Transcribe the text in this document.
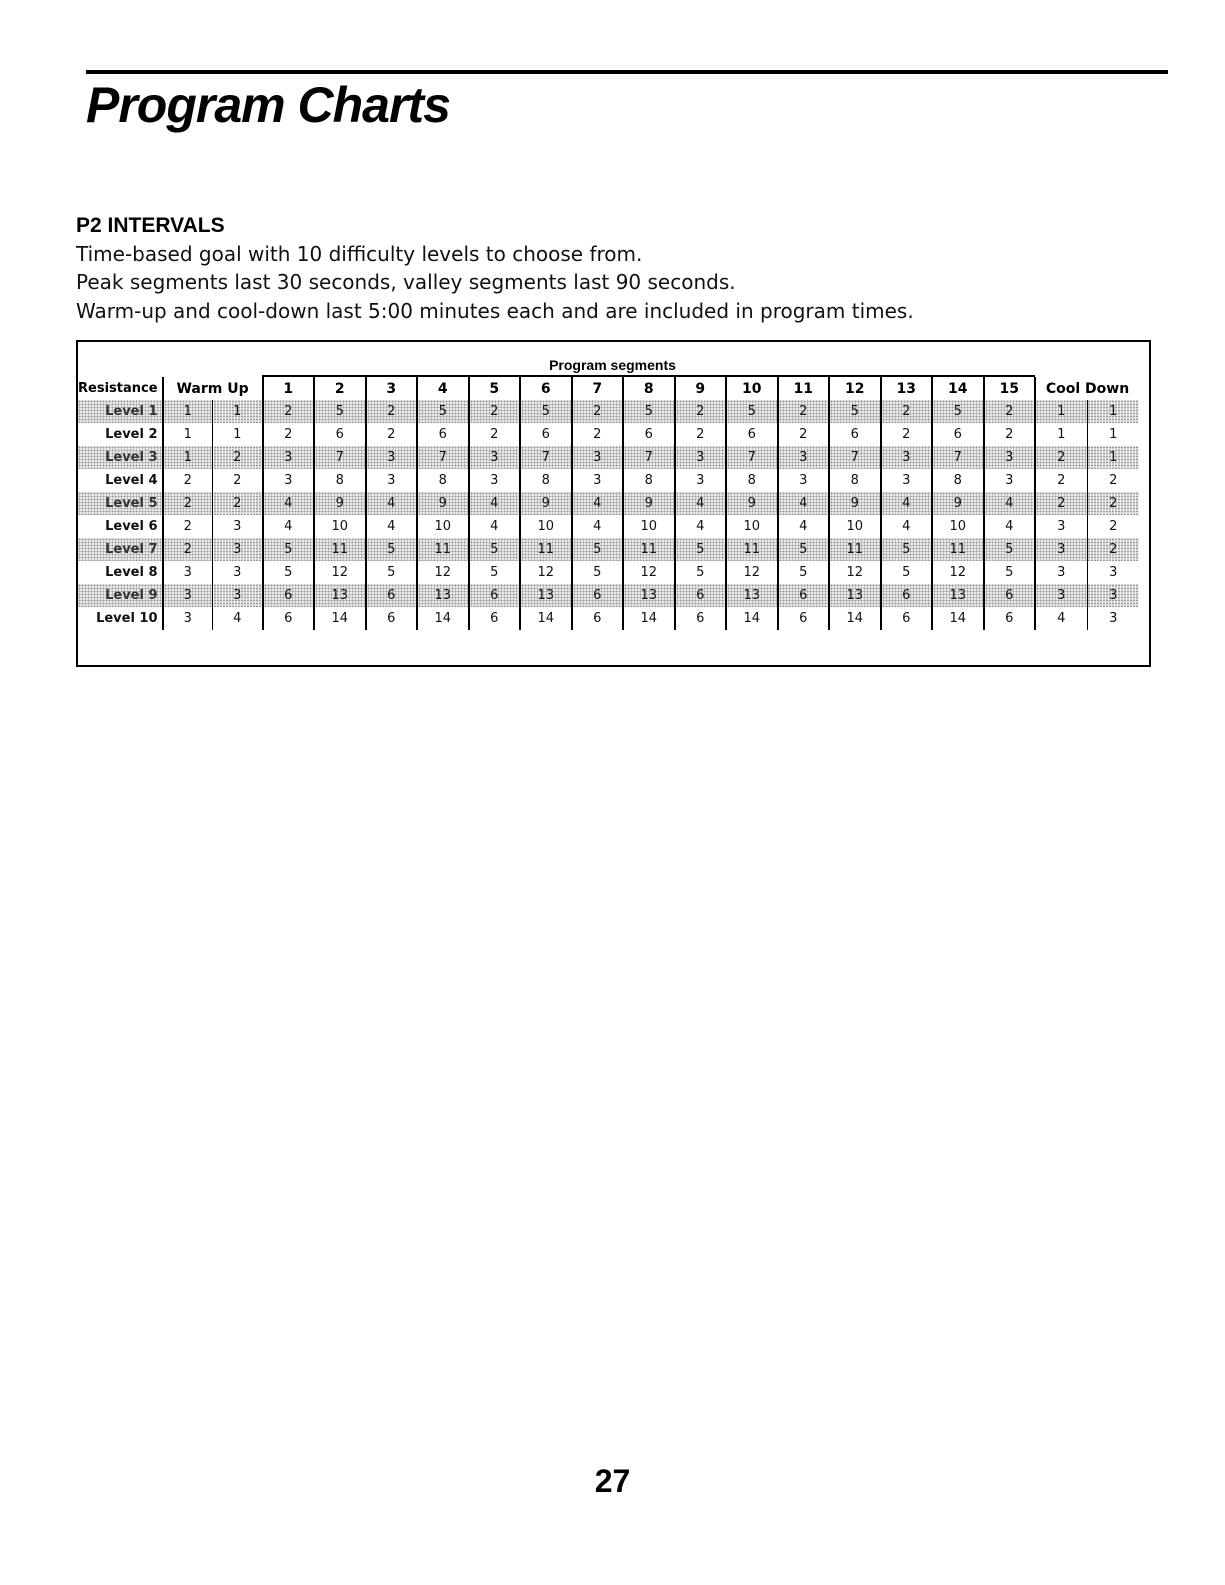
Program Charts
P2 INTERVALS

Time-based goal with 10 difficulty levels to choose from.

Peak segments last 30 seconds, valley segments last 90 seconds.

Warm-up and cool-down last 5:00 minutes each and are included in program times.

Program segments
Resistance	Warm Up		1	2	3	4	5	6	7	8	9	10	11	12	13	14	15	Cool Down	
Level 1	1	1	2	5	2	5	2	5	2	5	2	5	2	5	2	5	2	1	1
Level 2	1	1	2	6	2	6	2	6	2	6	2	6	2	6	2	6	2	1	1
Level 3	1	2	3	7	3	7	3	7	3	7	3	7	3	7	3	7	3	2	1
Level 4	2	2	3	8	3	8	3	8	3	8	3	8	3	8	3	8	3	2	2
Level 5	2	2	4	9	4	9	4	9	4	9	4	9	4	9	4	9	4	2	2
Level 6	2	3	4	10	4	10	4	10	4	10	4	10	4	10	4	10	4	3	2
Level 7	2	3	5	11	5	11	5	11	5	11	5	11	5	11	5	11	5	3	2
Level 8	3	3	5	12	5	12	5	12	5	12	5	12	5	12	5	12	5	3	3
Level 9	3	3	6	13	6	13	6	13	6	13	6	13	6	13	6	13	6	3	3
Level 10	3	4	6	14	6	14	6	14	6	14	6	14	6	14	6	14	6	4	3

27
